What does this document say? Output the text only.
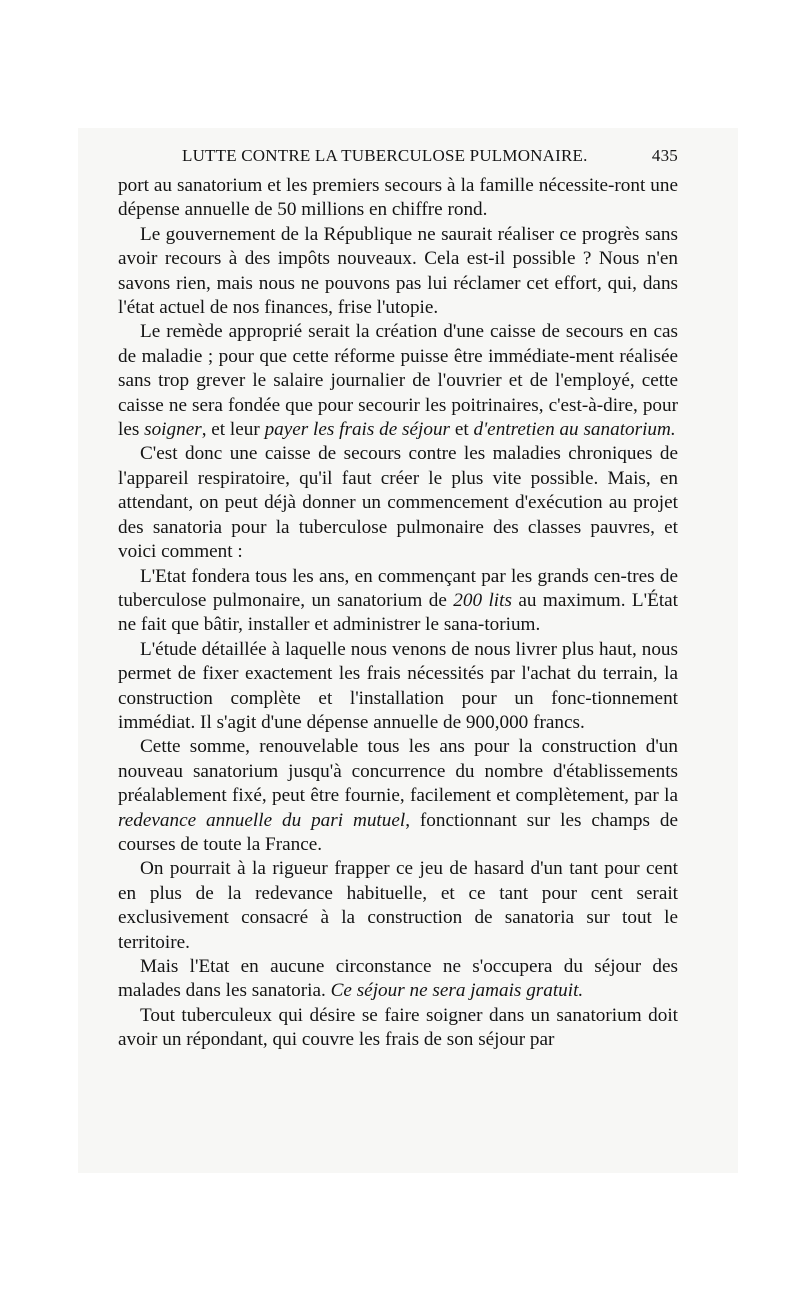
LUTTE CONTRE LA TUBERCULOSE PULMONAIRE.	435

port au sanatorium et les premiers secours à la famille nécessite-ront une dépense annuelle de 50 millions en chiffre rond.

Le gouvernement de la République ne saurait réaliser ce progrès sans avoir recours à des impôts nouveaux. Cela est-il possible ? Nous n'en savons rien, mais nous ne pouvons pas lui réclamer cet effort, qui, dans l'état actuel de nos finances, frise l'utopie.

Le remède approprié serait la création d'une caisse de secours en cas de maladie ; pour que cette réforme puisse être immédiate-ment réalisée sans trop grever le salaire journalier de l'ouvrier et de l'employé, cette caisse ne sera fondée que pour secourir les poitrinaires, c'est-à-dire, pour les soigner, et leur payer les frais de séjour et d'entretien au sanatorium.

C'est donc une caisse de secours contre les maladies chroniques de l'appareil respiratoire, qu'il faut créer le plus vite possible. Mais, en attendant, on peut déjà donner un commencement d'exécution au projet des sanatoria pour la tuberculose pulmonaire des classes pauvres, et voici comment :

L'Etat fondera tous les ans, en commençant par les grands cen-tres de tuberculose pulmonaire, un sanatorium de 200 lits au maximum. L'État ne fait que bâtir, installer et administrer le sana-torium.

L'étude détaillée à laquelle nous venons de nous livrer plus haut, nous permet de fixer exactement les frais nécessités par l'achat du terrain, la construction complète et l'installation pour un fonc-tionnement immédiat. Il s'agit d'une dépense annuelle de 900,000 francs.

Cette somme, renouvelable tous les ans pour la construction d'un nouveau sanatorium jusqu'à concurrence du nombre d'établissements préalablement fixé, peut être fournie, facilement et complètement, par la redevance annuelle du pari mutuel, fonctionnant sur les champs de courses de toute la France.

On pourrait à la rigueur frapper ce jeu de hasard d'un tant pour cent en plus de la redevance habituelle, et ce tant pour cent serait exclusivement consacré à la construction de sanatoria sur tout le territoire.

Mais l'Etat en aucune circonstance ne s'occupera du séjour des malades dans les sanatoria. Ce séjour ne sera jamais gratuit.

Tout tuberculeux qui désire se faire soigner dans un sanatorium doit avoir un répondant, qui couvre les frais de son séjour par
